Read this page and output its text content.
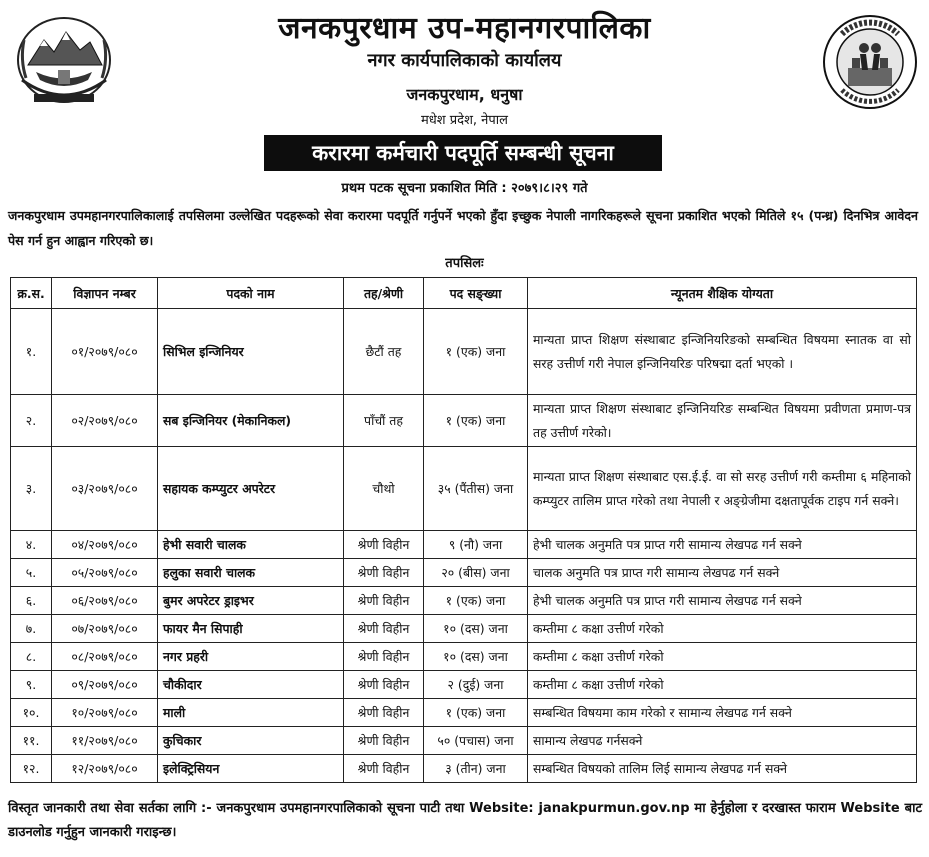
जनकपुरधाम उप-महानगरपालिका
नगर कार्यपालिकाको कार्यालय
जनकपुरधाम, धनुषा
मधेश प्रदेश, नेपाल
करारमा कर्मचारी पदपूर्ति सम्बन्धी सूचना
प्रथम पटक सूचना प्रकाशित मिति : २०७९।८।२९ गते
जनकपुरधाम उपमहानगरपालिकालाई तपसिलमा उल्लेखित पदहरूको सेवा करारमा पदपूर्ति गर्नुपर्ने भएको हुँदा इच्छुक नेपाली नागरिकहरूले सूचना प्रकाशित भएको मितिले १५ (पन्ध्र) दिनभित्र आवेदन पेस गर्न हुन आह्वान गरिएको छ।
तपसिलः
क्र.स.	विज्ञापन नम्बर	पदको नाम	तह/श्रेणी	पद सङ्ख्या	न्यूनतम शैक्षिक योग्यता
१.	०१/२०७९/०८०	सिभिल इन्जिनियर	छैटौं तह	१ (एक) जना	मान्यता प्राप्त शिक्षण संस्थाबाट इन्जिनियरिङको सम्बन्धित विषयमा स्नातक वा सो सरह उत्तीर्ण गरी नेपाल इन्जिनियरिङ परिषद्मा दर्ता भएको ।
२.	०२/२०७९/०८०	सब इन्जिनियर (मेकानिकल)	पाँचौं तह	१ (एक) जना	मान्यता प्राप्त शिक्षण संस्थाबाट इन्जिनियरिङ सम्बन्धित विषयमा प्रवीणता प्रमाण-पत्र तह उत्तीर्ण गरेको।
३.	०३/२०७९/०८०	सहायक कम्प्युटर अपरेटर	चौथो	३५ (पैंतीस) जना	मान्यता प्राप्त शिक्षण संस्थाबाट एस.ई.ई. वा सो सरह उत्तीर्ण गरी कम्तीमा ६ महिनाको कम्प्युटर तालिम प्राप्त गरेको तथा नेपाली र अङ्ग्रेजीमा दक्षतापूर्वक टाइप गर्न सक्ने।
४.	०४/२०७९/०८०	हेभी सवारी चालक	श्रेणी विहीन	९ (नौ) जना	हेभी चालक अनुमति पत्र प्राप्त गरी सामान्य लेखपढ गर्न सक्ने
५.	०५/२०७९/०८०	हलुका सवारी चालक	श्रेणी विहीन	२० (बीस) जना	चालक अनुमति पत्र प्राप्त गरी सामान्य लेखपढ गर्न सक्ने
६.	०६/२०७९/०८०	बुमर अपरेटर ड्राइभर	श्रेणी विहीन	१ (एक) जना	हेभी चालक अनुमति पत्र प्राप्त गरी सामान्य लेखपढ गर्न सक्ने
७.	०७/२०७९/०८०	फायर मैन सिपाही	श्रेणी विहीन	१० (दस) जना	कम्तीमा ८ कक्षा उत्तीर्ण गरेको
८.	०८/२०७९/०८०	नगर प्रहरी	श्रेणी विहीन	१० (दस) जना	कम्तीमा ८ कक्षा उत्तीर्ण गरेको
९.	०९/२०७९/०८०	चौकीदार	श्रेणी विहीन	२ (दुई) जना	कम्तीमा ८ कक्षा उत्तीर्ण गरेको
१०.	१०/२०७९/०८०	माली	श्रेणी विहीन	१ (एक) जना	सम्बन्धित विषयमा काम गरेको र सामान्य लेखपढ गर्न सक्ने
११.	११/२०७९/०८०	कुचिकार	श्रेणी विहीन	५० (पचास) जना	सामान्य लेखपढ गर्नसक्ने
१२.	१२/२०७९/०८०	इलेक्ट्रिसियन	श्रेणी विहीन	३ (तीन) जना	सम्बन्धित विषयको तालिम लिई सामान्य लेखपढ गर्न सक्ने
विस्तृत जानकारी तथा सेवा सर्तका लागि :- जनकपुरधाम उपमहानगरपालिकाको सूचना पाटी तथा Website: janakpurmun.gov.np मा हेर्नुहोला र दरखास्त फाराम Website बाट डाउनलोड गर्नुहुन जानकारी गराइन्छ।
